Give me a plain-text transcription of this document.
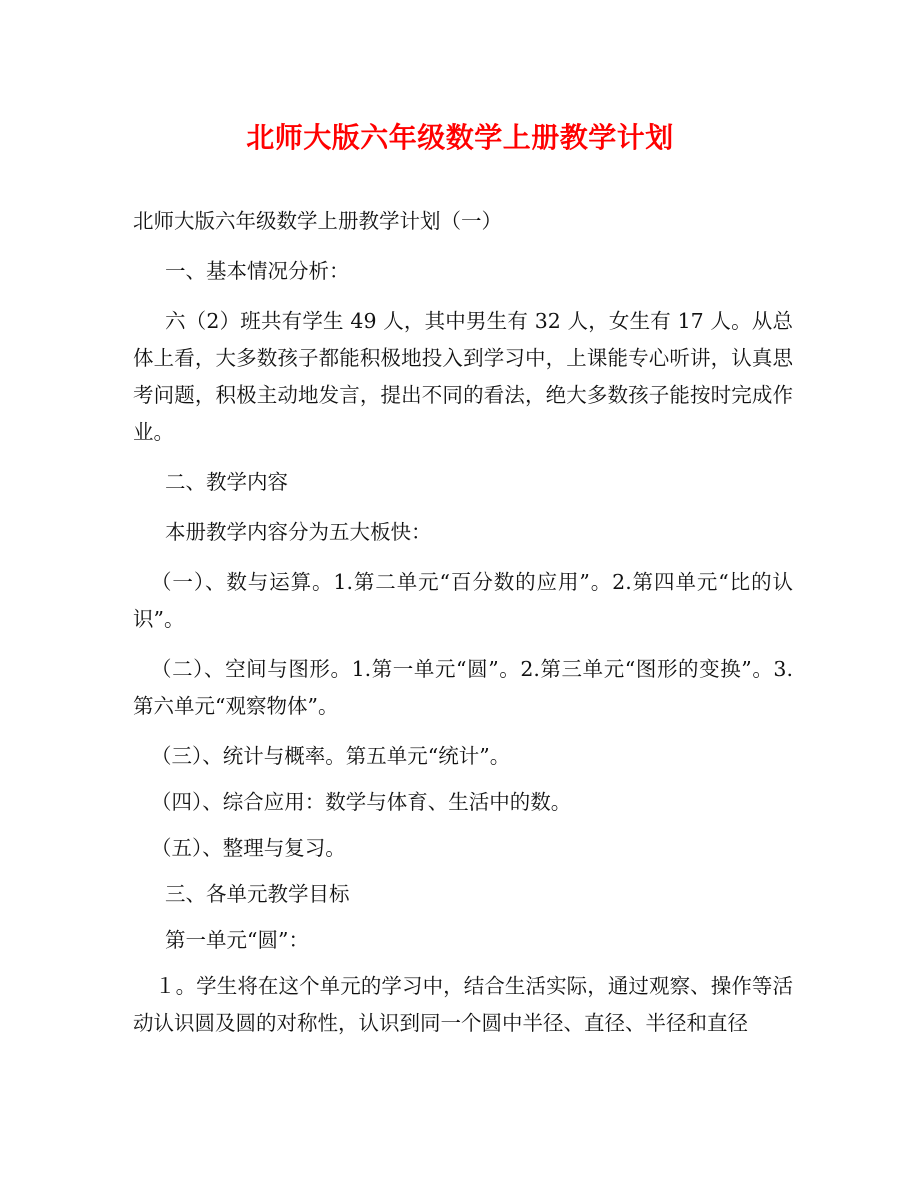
北师大版六年级数学上册教学计划

北师大版六年级数学上册教学计划（一）

一、基本情况分析：

六（2）班共有学生 49 人，其中男生有 32 人，女生有 17 人。从总体上看，大多数孩子都能积极地投入到学习中，上课能专心听讲，认真思考问题，积极主动地发言，提出不同的看法，绝大多数孩子能按时完成作业。

二、教学内容

本册教学内容分为五大板快：

（一）、数与运算。1.第二单元“百分数的应用”。2.第四单元“比的认识”。

（二）、空间与图形。1.第一单元“圆”。2.第三单元“图形的变换”。3.第六单元“观察物体”。

（三）、统计与概率。第五单元“统计”。

（四）、综合应用：数学与体育、生活中的数。

（五）、整理与复习。

三、各单元教学目标

第一单元“圆”：

１。学生将在这个单元的学习中，结合生活实际，通过观察、操作等活动认识圆及圆的对称性，认识到同一个圆中半径、直径、半径和直径
